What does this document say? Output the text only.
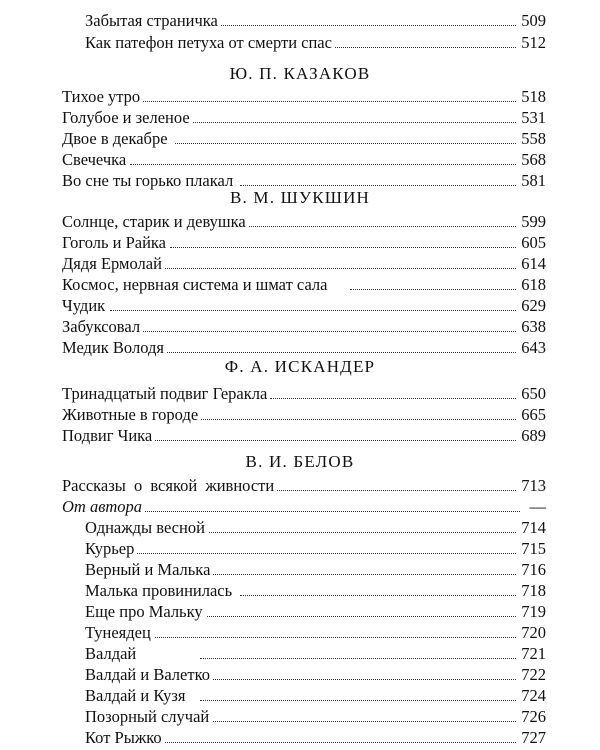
Забытая страничка	509
Как патефон петуха от смерти спас	512
Ю. П. КАЗАКОВ
Тихое утро	518
Голубое и зеленое	531
Двое в декабре	558
Свечечка	568
Во сне ты горько плакал	581
В. М. ШУКШИН
Солнце, старик и девушка	599
Гоголь и Райка	605
Дядя Ермолай	614
Космос, нервная система и шмат сала	618
Чудик	629
Забуксовал	638
Медик Володя	643
Ф. А. ИСКАНДЕР
Тринадцатый подвиг Геракла	650
Животные в городе	665
Подвиг Чика	689
В. И. БЕЛОВ
Рассказы о всякой живности	713
От автора	—
Однажды весной	714
Курьер	715
Верный и Малька	716
Малька провинилась	718
Еще про Мальку	719
Тунеядец	720
Валдай	721
Валдай и Валетко	722
Валдай и Кузя	724
Позорный случай	726
Кот Рыжко	727
